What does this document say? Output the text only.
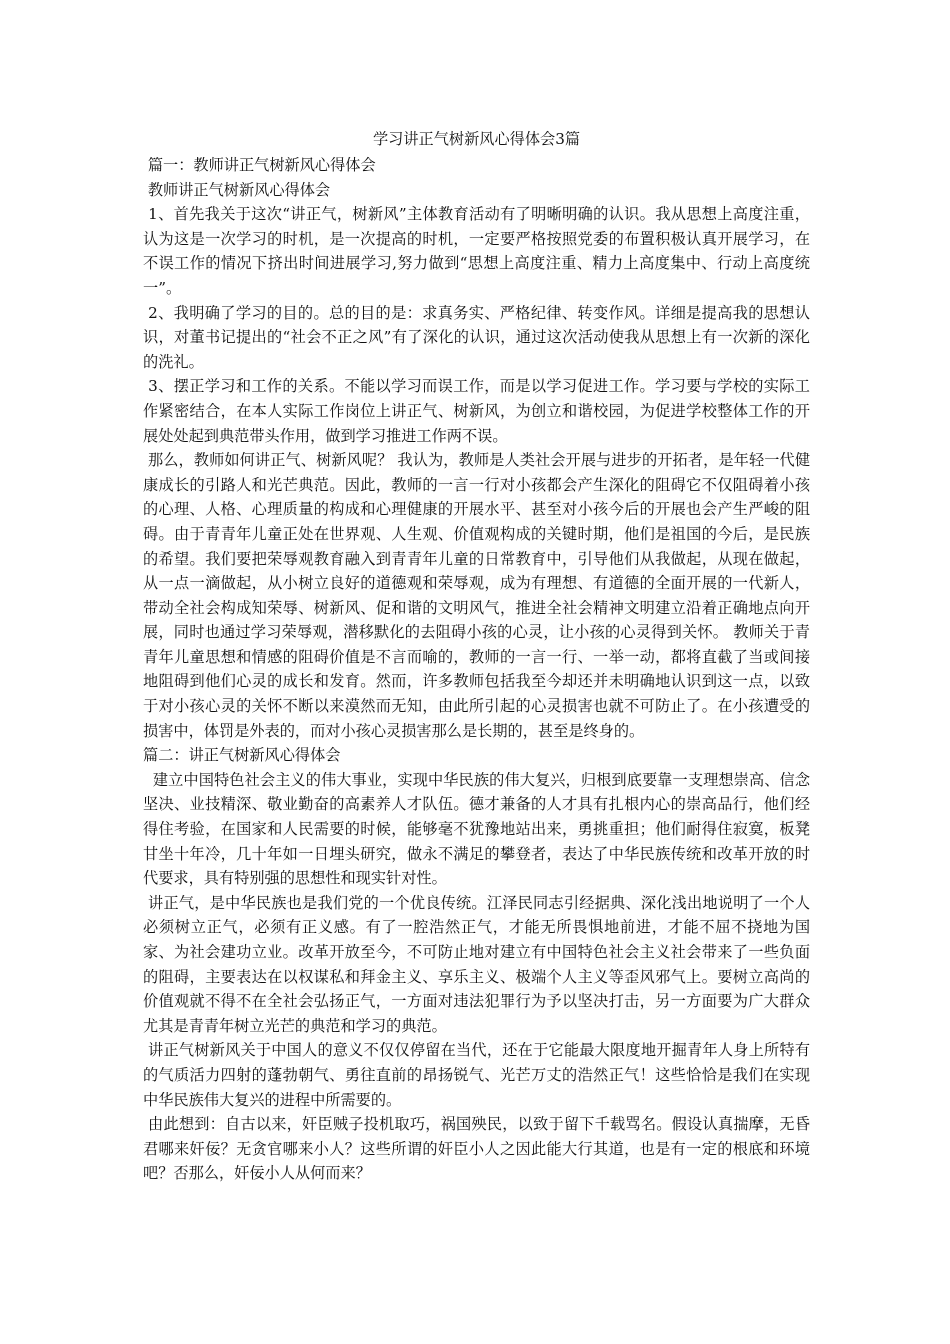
学习讲正气树新风心得体会3篇
篇一：教师讲正气树新风心得体会
教师讲正气树新风心得体会
1、首先我关于这次“讲正气，树新风”主体教育活动有了明晰明确的认识。我从思想上高度注重，认为这是一次学习的时机，是一次提高的时机，一定要严格按照党委的布置积极认真开展学习，在不误工作的情况下挤出时间进展学习,努力做到“思想上高度注重、精力上高度集中、行动上高度统一”。
2、我明确了学习的目的。总的目的是：求真务实、严格纪律、转变作风。详细是提高我的思想认识，对董书记提出的“社会不正之风”有了深化的认识，通过这次活动使我从思想上有一次新的深化的洗礼。
3、摆正学习和工作的关系。不能以学习而误工作，而是以学习促进工作。学习要与学校的实际工作紧密结合，在本人实际工作岗位上讲正气、树新风，为创立和谐校园，为促进学校整体工作的开展处处起到典范带头作用，做到学习推进工作两不误。
那么，教师如何讲正气、树新风呢？ 我认为，教师是人类社会开展与进步的开拓者，是年轻一代健康成长的引路人和光芒典范。因此，教师的一言一行对小孩都会产生深化的阻碍它不仅阻碍着小孩的心理、人格、心理质量的构成和心理健康的开展水平、甚至对小孩今后的开展也会产生严峻的阻碍。由于青青年儿童正处在世界观、人生观、价值观构成的关键时期，他们是祖国的今后，是民族的希望。我们要把荣辱观教育融入到青青年儿童的日常教育中，引导他们从我做起，从现在做起，从一点一滴做起，从小树立良好的道德观和荣辱观，成为有理想、有道德的全面开展的一代新人，带动全社会构成知荣辱、树新风、促和谐的文明风气，推进全社会精神文明建立沿着正确地点向开展，同时也通过学习荣辱观，潜移默化的去阻碍小孩的心灵，让小孩的心灵得到关怀。 教师关于青青年儿童思想和情感的阻碍价值是不言而喻的，教师的一言一行、一举一动，都将直截了当或间接地阻碍到他们心灵的成长和发育。然而，许多教师包括我至今却还并未明确地认识到这一点，以致于对小孩心灵的关怀不断以来漠然而无知，由此所引起的心灵损害也就不可防止了。在小孩遭受的损害中，体罚是外表的，而对小孩心灵损害那么是长期的，甚至是终身的。
篇二：讲正气树新风心得体会
建立中国特色社会主义的伟大事业，实现中华民族的伟大复兴，归根到底要靠一支理想崇高、信念坚决、业技精深、敬业勤奋的高素养人才队伍。德才兼备的人才具有扎根内心的崇高品行，他们经得住考验，在国家和人民需要的时候，能够毫不犹豫地站出来，勇挑重担；他们耐得住寂寞，板凳甘坐十年冷，几十年如一日埋头研究，做永不满足的攀登者，表达了中华民族传统和改革开放的时代要求，具有特别强的思想性和现实针对性。
讲正气，是中华民族也是我们党的一个优良传统。江泽民同志引经据典、深化浅出地说明了一个人必须树立正气，必须有正义感。有了一腔浩然正气，才能无所畏惧地前进，才能不屈不挠地为国家、为社会建功立业。改革开放至今，不可防止地对建立有中国特色社会主义社会带来了一些负面的阻碍，主要表达在以权谋私和拜金主义、享乐主义、极端个人主义等歪风邪气上。要树立高尚的价值观就不得不在全社会弘扬正气，一方面对违法犯罪行为予以坚决打击，另一方面要为广大群众尤其是青青年树立光芒的典范和学习的典范。
讲正气树新风关于中国人的意义不仅仅停留在当代，还在于它能最大限度地开掘青年人身上所特有的气质活力四射的蓬勃朝气、勇往直前的昂扬锐气、光芒万丈的浩然正气！这些恰恰是我们在实现中华民族伟大复兴的进程中所需要的。
由此想到：自古以来，奸臣贼子投机取巧，祸国殃民，以致于留下千载骂名。假设认真揣摩，无昏君哪来奸佞？无贪官哪来小人？这些所谓的奸臣小人之因此能大行其道，也是有一定的根底和环境吧？否那么，奸佞小人从何而来？
